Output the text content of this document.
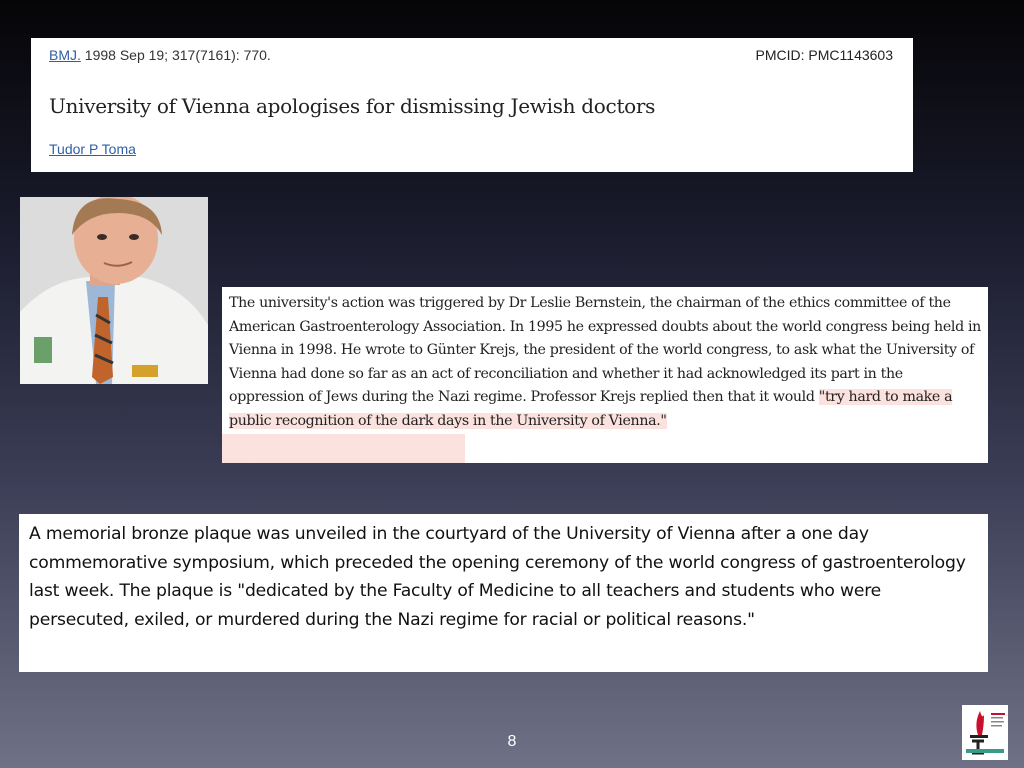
BMJ. 1998 Sep 19; 317(7161): 770.	PMCID: PMC1143603
University of Vienna apologises for dismissing Jewish doctors
Tudor P Toma

The university's action was triggered by Dr Leslie Bernstein, the chairman of the ethics committee of the American Gastroenterology Association. In 1995 he expressed doubts about the world congress being held in Vienna in 1998. He wrote to Günter Krejs, the president of the world congress, to ask what the University of Vienna had done so far as an act of reconciliation and whether it had acknowledged its part in the oppression of Jews during the Nazi regime. Professor Krejs replied then that it would "try hard to make a public recognition of the dark days in the University of Vienna."

A memorial bronze plaque was unveiled in the courtyard of the University of Vienna after a one day commemorative symposium, which preceded the opening ceremony of the world congress of gastroenterology last week. The plaque is "dedicated by the Faculty of Medicine to all teachers and students who were persecuted, exiled, or murdered during the Nazi regime for racial or political reasons."

8
